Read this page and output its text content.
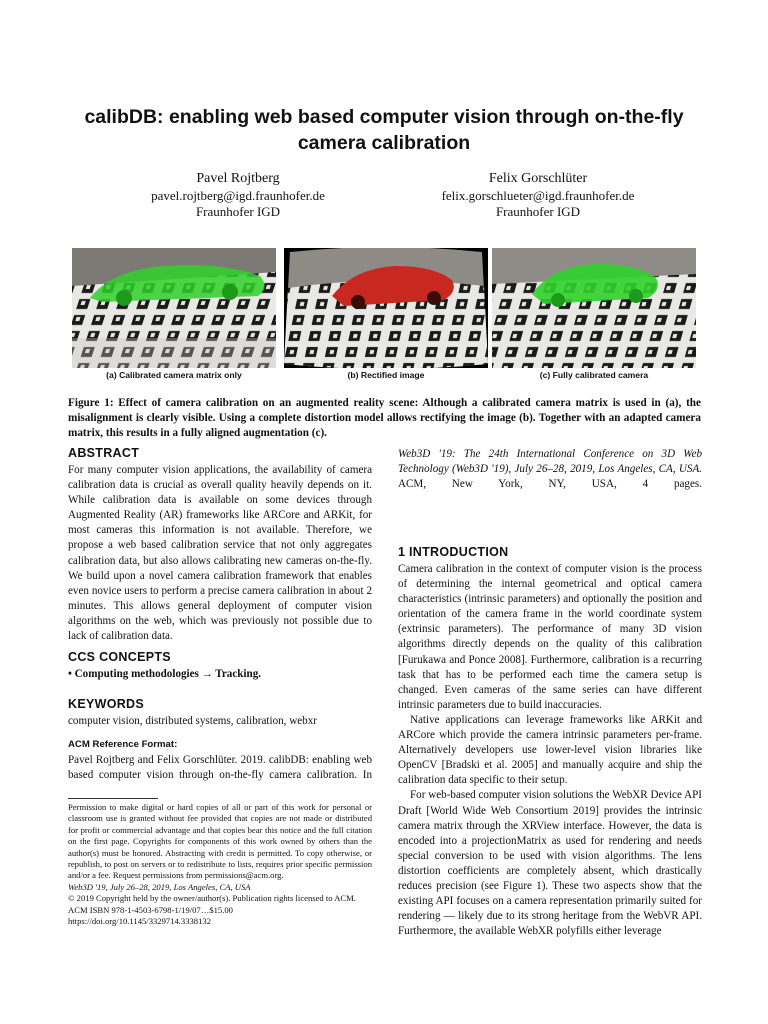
calibDB: enabling web based computer vision through on-the-fly camera calibration
Pavel Rojtberg
pavel.rojtberg@igd.fraunhofer.de
Fraunhofer IGD
Felix Gorschlüter
felix.gorschlueter@igd.fraunhofer.de
Fraunhofer IGD
(a) Calibrated camera matrix only	(b) Rectified image	(c) Fully calibrated camera
Figure 1: Effect of camera calibration on an augmented reality scene: Although a calibrated camera matrix is used in (a), the misalignment is clearly visible. Using a complete distortion model allows rectifying the image (b). Together with an adapted camera matrix, this results in a fully aligned augmentation (c).
ABSTRACT
For many computer vision applications, the availability of camera calibration data is crucial as overall quality heavily depends on it. While calibration data is available on some devices through Augmented Reality (AR) frameworks like ARCore and ARKit, for most cameras this information is not available. Therefore, we propose a web based calibration service that not only aggregates calibration data, but also allows calibrating new cameras on-the-fly. We build upon a novel camera calibration framework that enables even novice users to perform a precise camera calibration in about 2 minutes. This allows general deployment of computer vision algorithms on the web, which was previously not possible due to lack of calibration data.
CCS CONCEPTS
• Computing methodologies → Tracking.
KEYWORDS
computer vision, distributed systems, calibration, webxr
ACM Reference Format:
Pavel Rojtberg and Felix Gorschlüter. 2019. calibDB: enabling web based computer vision through on-the-fly camera calibration. In
Permission to make digital or hard copies of all or part of this work for personal or classroom use is granted without fee provided that copies are not made or distributed for profit or commercial advantage and that copies bear this notice and the full citation on the first page. Copyrights for components of this work owned by others than the author(s) must be honored. Abstracting with credit is permitted. To copy otherwise, or republish, to post on servers or to redistribute to lists, requires prior specific permission and/or a fee. Request permissions from permissions@acm.org.
Web3D '19, July 26–28, 2019, Los Angeles, CA, USA
© 2019 Copyright held by the owner/author(s). Publication rights licensed to ACM.
ACM ISBN 978-1-4503-6798-1/19/07…$15.00
https://doi.org/10.1145/3329714.3338132
Web3D '19: The 24th International Conference on 3D Web Technology (Web3D '19), July 26–28, 2019, Los Angeles, CA, USA. ACM, New York, NY, USA, 4 pages.
1 INTRODUCTION

Camera calibration in the context of computer vision is the process of determining the internal geometrical and optical camera characteristics (intrinsic parameters) and optionally the position and orientation of the camera frame in the world coordinate system (extrinsic parameters). The performance of many 3D vision algorithms directly depends on the quality of this calibration [Furukawa and Ponce 2008]. Furthermore, calibration is a recurring task that has to be performed each time the camera setup is changed. Even cameras of the same series can have different intrinsic parameters due to build inaccuracies.

Native applications can leverage frameworks like ARKit and ARCore which provide the camera intrinsic parameters per-frame. Alternatively developers use lower-level vision libraries like OpenCV [Bradski et al. 2005] and manually acquire and ship the calibration data specific to their setup.

For web-based computer vision solutions the WebXR Device API Draft [World Wide Web Consortium 2019] provides the intrinsic camera matrix through the XRView interface. However, the data is encoded into a projectionMatrix as used for rendering and needs special conversion to be used with vision algorithms. The lens distortion coefficients are completely absent, which drastically reduces precision (see Figure 1). These two aspects show that the existing API focuses on a camera representation primarily suited for rendering — likely due to its strong heritage from the WebVR API. Furthermore, the available WebXR polyfills either leverage
